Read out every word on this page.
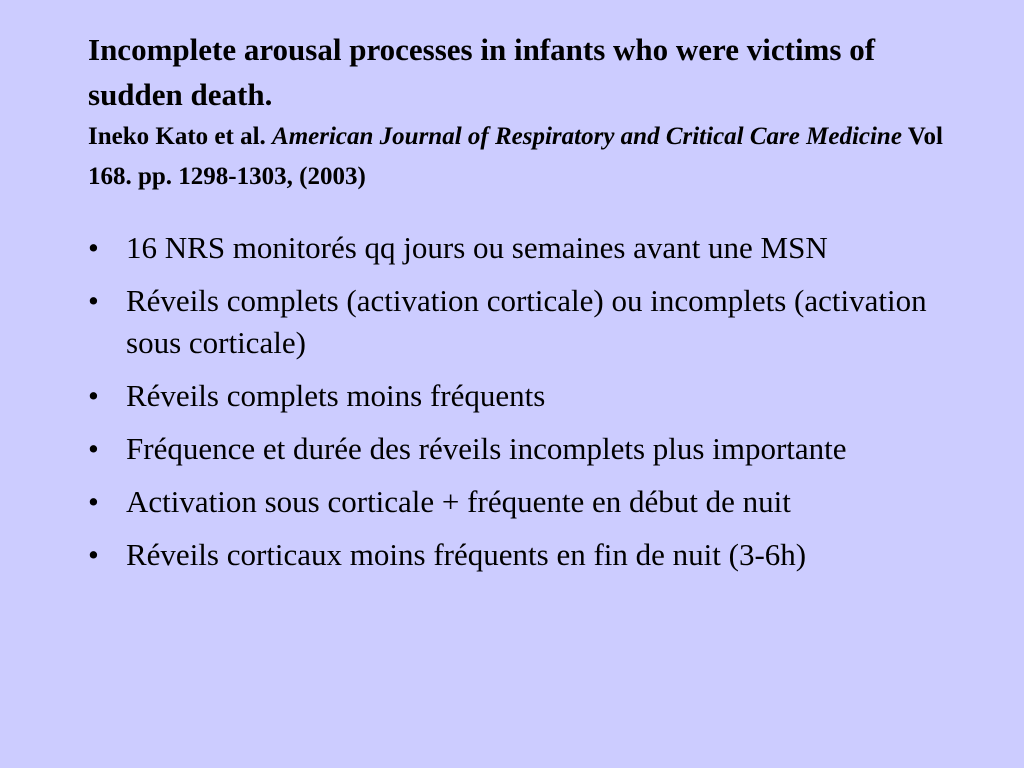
Incomplete arousal processes in infants who were victims of sudden death.

Ineko Kato et al. American Journal of Respiratory and Critical Care Medicine Vol 168. pp. 1298-1303, (2003)

• 16 NRS monitorés qq jours ou semaines avant une MSN
• Réveils complets (activation corticale) ou incomplets (activation sous corticale)
• Réveils complets moins fréquents
• Fréquence et durée des réveils incomplets plus importante
• Activation sous corticale + fréquente en début de nuit
• Réveils corticaux moins fréquents en fin de nuit (3-6h)
